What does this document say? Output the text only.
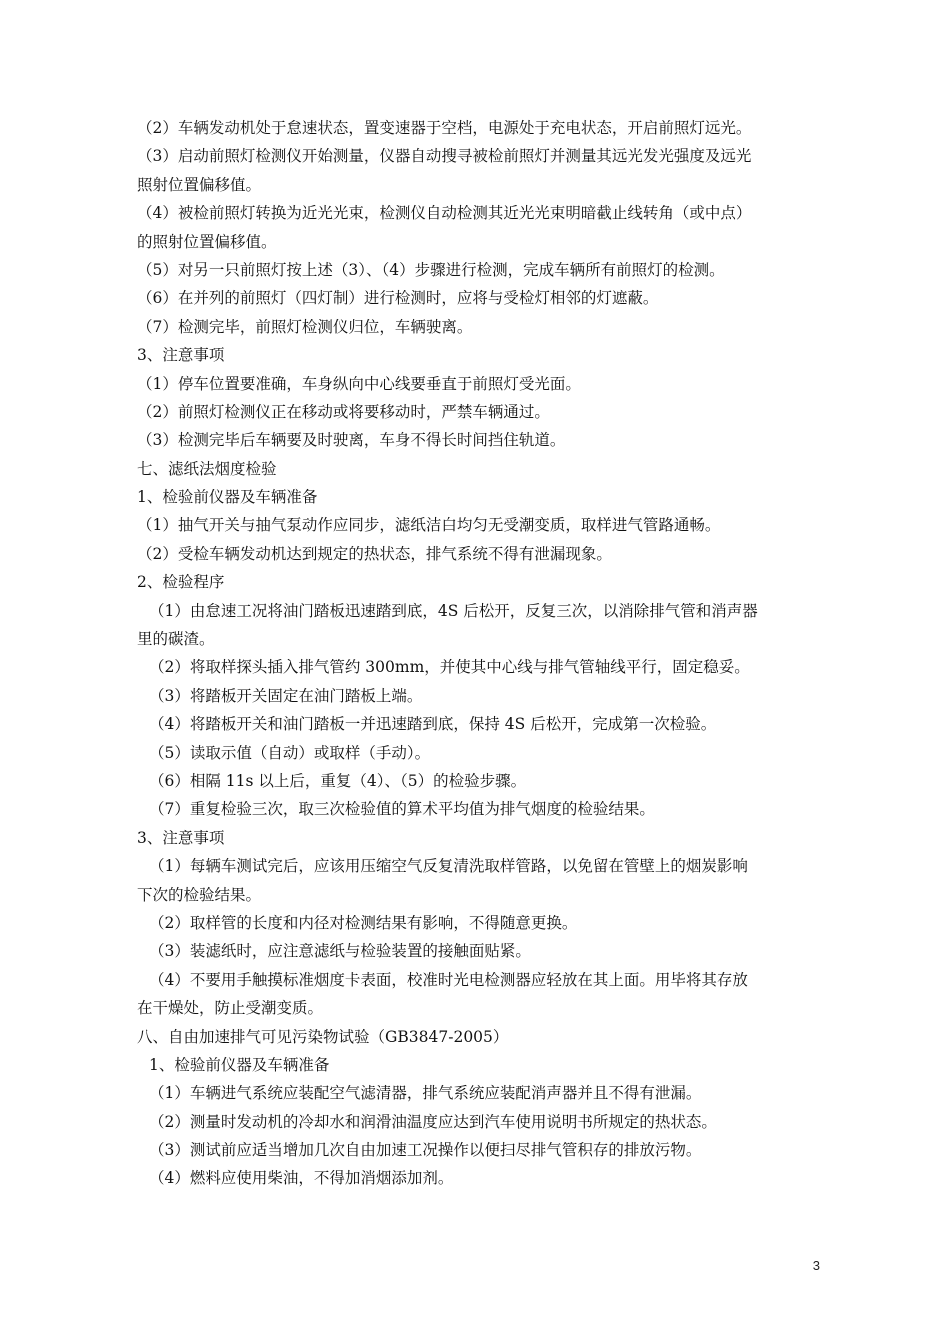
（2）车辆发动机处于怠速状态，置变速器于空档，电源处于充电状态，开启前照灯远光。
（3）启动前照灯检测仪开始测量，仪器自动搜寻被检前照灯并测量其远光发光强度及远光
照射位置偏移值。
（4）被检前照灯转换为近光光束，检测仪自动检测其近光光束明暗截止线转角（或中点）
的照射位置偏移值。
（5）对另一只前照灯按上述（3）、（4）步骤进行检测，完成车辆所有前照灯的检测。
（6）在并列的前照灯（四灯制）进行检测时，应将与受检灯相邻的灯遮蔽。
（7）检测完毕，前照灯检测仪归位，车辆驶离。
3、注意事项
（1）停车位置要准确，车身纵向中心线要垂直于前照灯受光面。
（2）前照灯检测仪正在移动或将要移动时，严禁车辆通过。
（3）检测完毕后车辆要及时驶离，车身不得长时间挡住轨道。
七、滤纸法烟度检验
1、检验前仪器及车辆准备
（1）抽气开关与抽气泵动作应同步，滤纸洁白均匀无受潮变质，取样进气管路通畅。
（2）受检车辆发动机达到规定的热状态，排气系统不得有泄漏现象。
2、检验程序
（1）由怠速工况将油门踏板迅速踏到底，4S 后松开，反复三次，以消除排气管和消声器
里的碳渣。
（2）将取样探头插入排气管约 300mm，并使其中心线与排气管轴线平行，固定稳妥。
（3）将踏板开关固定在油门踏板上端。
（4）将踏板开关和油门踏板一并迅速踏到底，保持 4S 后松开，完成第一次检验。
（5）读取示值（自动）或取样（手动）。
（6）相隔 11s 以上后，重复（4）、（5）的检验步骤。
（7）重复检验三次，取三次检验值的算术平均值为排气烟度的检验结果。
3、注意事项
（1）每辆车测试完后，应该用压缩空气反复清洗取样管路，以免留在管壁上的烟炭影响
下次的检验结果。
（2）取样管的长度和内径对检测结果有影响，不得随意更换。
（3）装滤纸时，应注意滤纸与检验装置的接触面贴紧。
（4）不要用手触摸标准烟度卡表面，校准时光电检测器应轻放在其上面。用毕将其存放
在干燥处，防止受潮变质。
八、自由加速排气可见污染物试验（GB3847-2005）
1、检验前仪器及车辆准备
（1）车辆进气系统应装配空气滤清器，排气系统应装配消声器并且不得有泄漏。
（2）测量时发动机的冷却水和润滑油温度应达到汽车使用说明书所规定的热状态。
（3）测试前应适当增加几次自由加速工况操作以便扫尽排气管积存的排放污物。
（4）燃料应使用柴油，不得加消烟添加剂。
3
